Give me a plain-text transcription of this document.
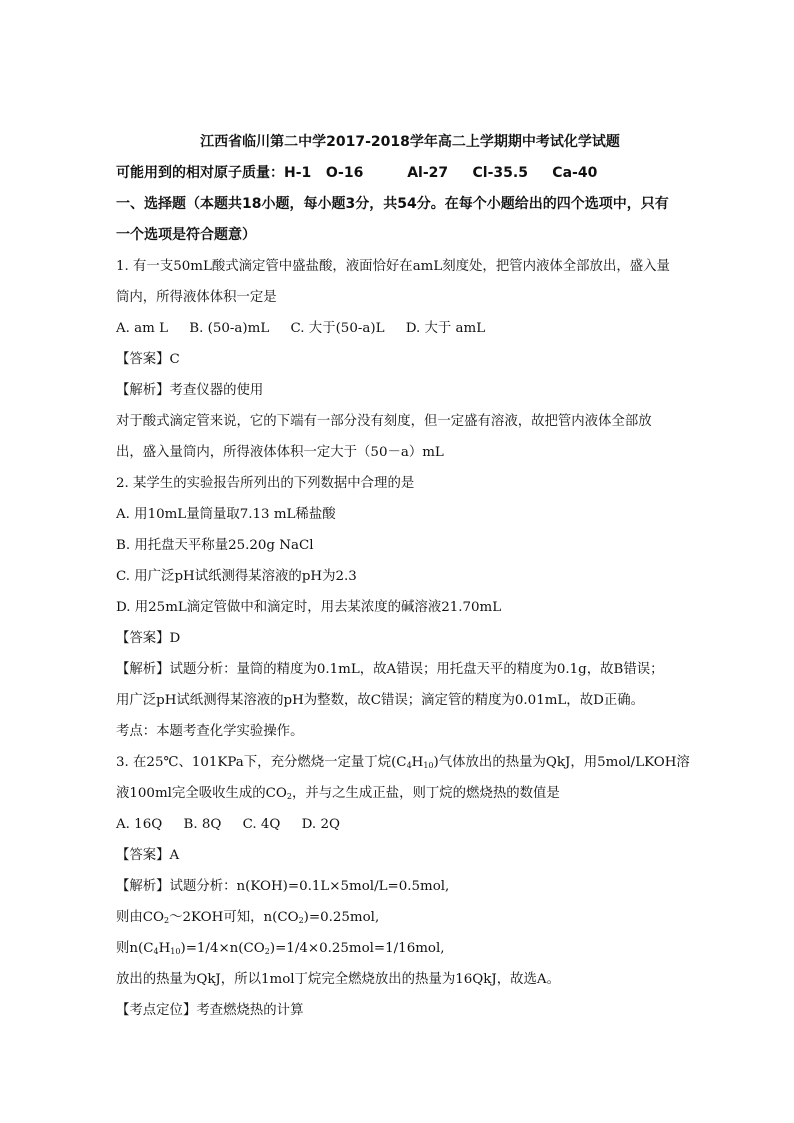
江西省临川第二中学2017-2018学年高二上学期期中考试化学试题

可能用到的相对原子质量：H-1   O-16         Al-27     Cl-35.5     Ca-40

一、选择题（本题共18小题，每小题3分，共54分。在每个小题给出的四个选项中，只有

一个选项是符合题意）

1. 有一支50mL酸式滴定管中盛盐酸，液面恰好在amL刻度处，把管内液体全部放出，盛入量

筒内，所得液体体积一定是

A. am L     B. (50-a)mL     C. 大于(50-a)L     D. 大于 amL

【答案】C

【解析】考查仪器的使用

对于酸式滴定管来说，它的下端有一部分没有刻度，但一定盛有溶液，故把管内液体全部放

出，盛入量筒内，所得液体体积一定大于（50－a）mL

2. 某学生的实验报告所列出的下列数据中合理的是

A. 用10mL量筒量取7.13 mL稀盐酸

B. 用托盘天平称量25.20g NaCl

C. 用广泛pH试纸测得某溶液的pH为2.3

D. 用25mL滴定管做中和滴定时，用去某浓度的碱溶液21.70mL

【答案】D

【解析】试题分析：量筒的精度为0.1mL，故A错误；用托盘天平的精度为0.1g，故B错误；

用广泛pH试纸测得某溶液的pH为整数，故C错误；滴定管的精度为0.01mL，故D正确。

考点：本题考查化学实验操作。

3. 在25℃、101KPa下，充分燃烧一定量丁烷$(C_4H_{10})$气体放出的热量为QkJ，用5mol/LKOH溶

液100ml完全吸收生成的$CO_2$，并与之生成正盐，则丁烷的燃烧热的数值是

A. 16Q     B. 8Q     C. 4Q     D. 2Q

【答案】A

【解析】试题分析：n(KOH)=0.1L×5mol/L=0.5mol,

则由$CO_2\sim 2KOH$可知，$n(CO_2)=0.25mol$,

则$n(C_4H_{10})=1/4\times n(CO_2)=1/4\times 0.25mol=1/16mol$,

放出的热量为QkJ，所以1mol丁烷完全燃烧放出的热量为16QkJ，故选A。

【考点定位】考查燃烧热的计算
